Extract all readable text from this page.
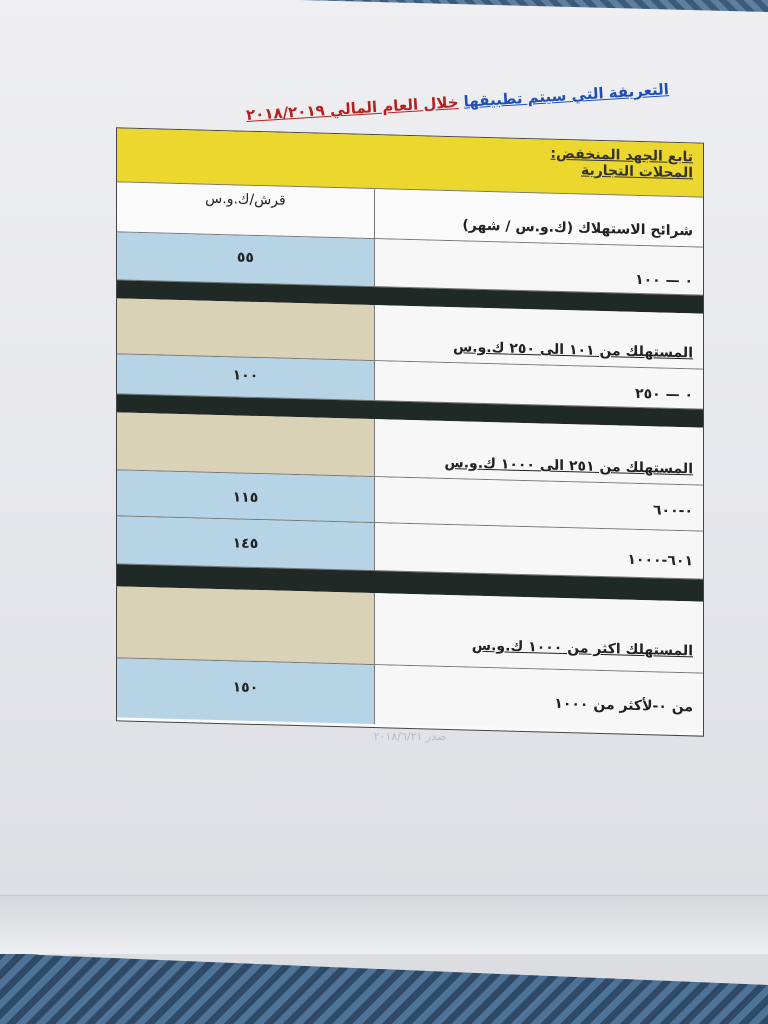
التعريفة التي سيتم تطبيقها خلال العام المالي ٢٠١٨/٢٠١٩
تابع الجهد المنخفض:
المحلات التجارية
شرائح الاستهلاك (ك.و.س / شهر)
قرش/ك.و.س
٠ — ١٠٠
٥٥
المستهلك من ١٠١ الى ٢٥٠ ك.و.س
٠ — ٢٥٠
١٠٠
المستهلك من ٢٥١ الى ١٠٠٠ ك.و.س
٠-٦٠٠
١١٥
٦٠١-١٠٠٠
١٤٥
المستهلك اكثر من ١٠٠٠ ك.و.س
من ٠-لأكثر من ١٠٠٠
١٥٠
صدر ٢٠١٨/٦/٢١
